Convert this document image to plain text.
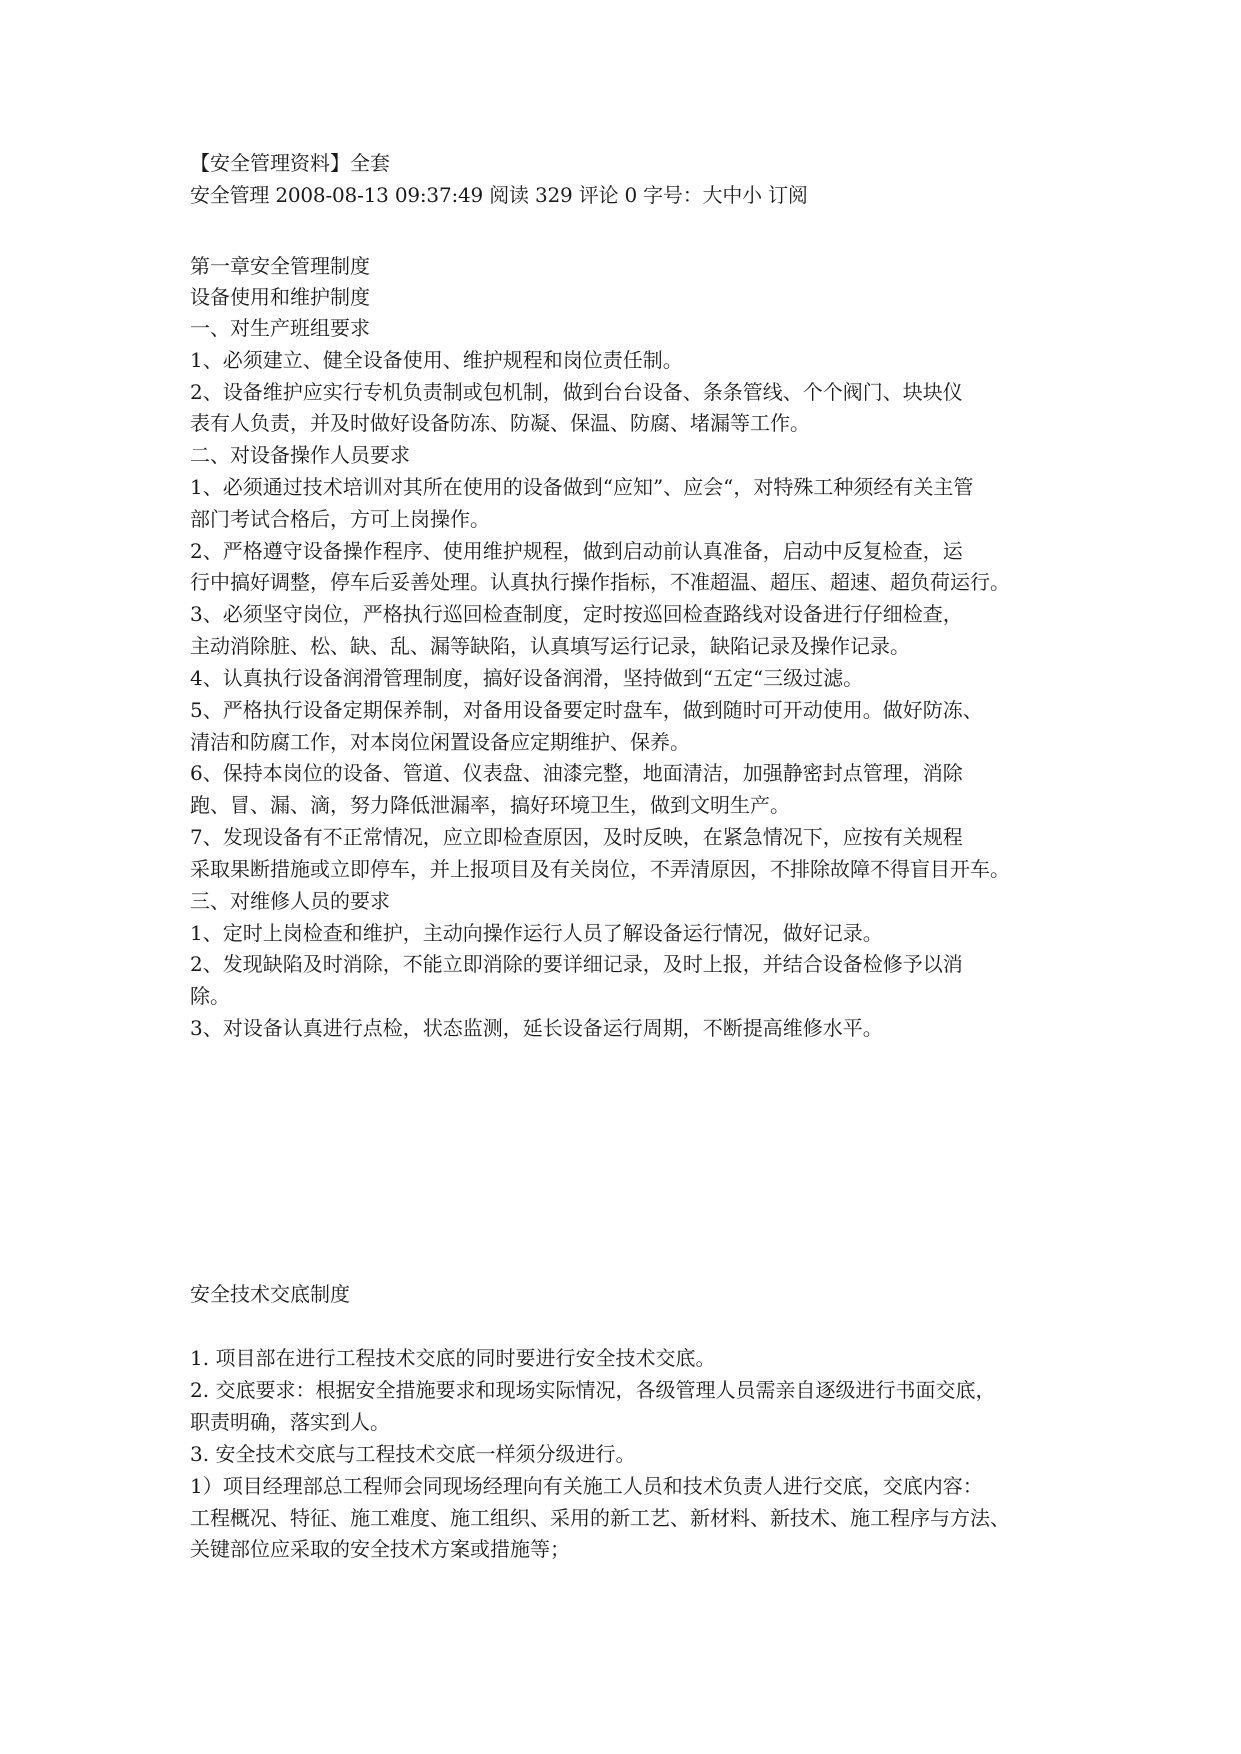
【安全管理资料】全套
安全管理 2008-08-13 09:37:49 阅读 329 评论 0 字号：大中小 订阅
第一章安全管理制度
设备使用和维护制度
一、对生产班组要求
1、必须建立、健全设备使用、维护规程和岗位责任制。
2、设备维护应实行专机负责制或包机制，做到台台设备、条条管线、个个阀门、块块仪
表有人负责，并及时做好设备防冻、防凝、保温、防腐、堵漏等工作。
二、对设备操作人员要求
1、必须通过技术培训对其所在使用的设备做到“应知”、应会“，对特殊工种须经有关主管
部门考试合格后，方可上岗操作。
2、严格遵守设备操作程序、使用维护规程，做到启动前认真准备，启动中反复检查，运
行中搞好调整，停车后妥善处理。认真执行操作指标，不准超温、超压、超速、超负荷运行。
3、必须坚守岗位，严格执行巡回检查制度，定时按巡回检查路线对设备进行仔细检查，
主动消除脏、松、缺、乱、漏等缺陷，认真填写运行记录，缺陷记录及操作记录。
4、认真执行设备润滑管理制度，搞好设备润滑，坚持做到“五定“三级过滤。
5、严格执行设备定期保养制，对备用设备要定时盘车，做到随时可开动使用。做好防冻、
清洁和防腐工作，对本岗位闲置设备应定期维护、保养。
6、保持本岗位的设备、管道、仪表盘、油漆完整，地面清洁，加强静密封点管理，消除
跑、冒、漏、滴，努力降低泄漏率，搞好环境卫生，做到文明生产。
7、发现设备有不正常情况，应立即检查原因，及时反映，在紧急情况下，应按有关规程
采取果断措施或立即停车，并上报项目及有关岗位，不弄清原因，不排除故障不得盲目开车。
三、对维修人员的要求
1、定时上岗检查和维护，主动向操作运行人员了解设备运行情况，做好记录。
2、发现缺陷及时消除，不能立即消除的要详细记录，及时上报，并结合设备检修予以消
除。
3、对设备认真进行点检，状态监测，延长设备运行周期，不断提高维修水平。
安全技术交底制度
1. 项目部在进行工程技术交底的同时要进行安全技术交底。
2. 交底要求：根据安全措施要求和现场实际情况，各级管理人员需亲自逐级进行书面交底，
职责明确，落实到人。
3. 安全技术交底与工程技术交底一样须分级进行。
1）项目经理部总工程师会同现场经理向有关施工人员和技术负责人进行交底，交底内容：
工程概况、特征、施工难度、施工组织、采用的新工艺、新材料、新技术、施工程序与方法、
关键部位应采取的安全技术方案或措施等；
